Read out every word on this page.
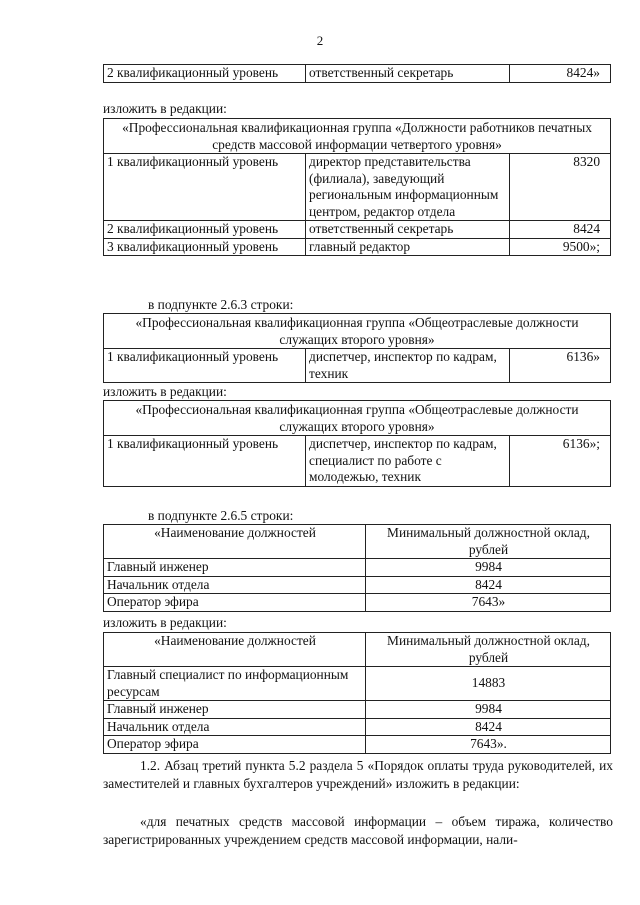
2
2 квалификационный уровень	ответственный секретарь	8424»
изложить в редакции:
«Профессиональная квалификационная группа «Должности работников печатных средств массовой информации четвертого уровня»		
1 квалификационный уровень	директор представительства (филиала), заведующий региональным информационным центром, редактор отдела	8320
2 квалификационный уровень	ответственный секретарь	8424
3 квалификационный уровень	главный редактор	9500»;
в подпункте 2.6.3 строки:
«Профессиональная квалификационная группа «Общеотраслевые должности служащих второго уровня»
1 квалификационный уровень	диспетчер, инспектор по кадрам, техник	6136»
изложить в редакции:
«Профессиональная квалификационная группа «Общеотраслевые должности служащих второго уровня»
1 квалификационный уровень	диспетчер, инспектор по кадрам, специалист по работе с молодежью, техник	6136»;
в подпункте 2.6.5 строки:
«Наименование должностей	Минимальный должностной оклад, рублей
Главный инженер	9984
Начальник отдела	8424
Оператор эфира	7643»
изложить в редакции:
«Наименование должностей	Минимальный должностной оклад, рублей
Главный специалист по информационным ресурсам	14883
Главный инженер	9984
Начальник отдела	8424
Оператор эфира	7643».
1.2. Абзац третий пункта 5.2 раздела 5 «Порядок оплаты труда руководителей, их заместителей и главных бухгалтеров учреждений» изложить в редакции:
«для печатных средств массовой информации – объем тиража, количество зарегистрированных учреждением средств массовой информации, нали-
